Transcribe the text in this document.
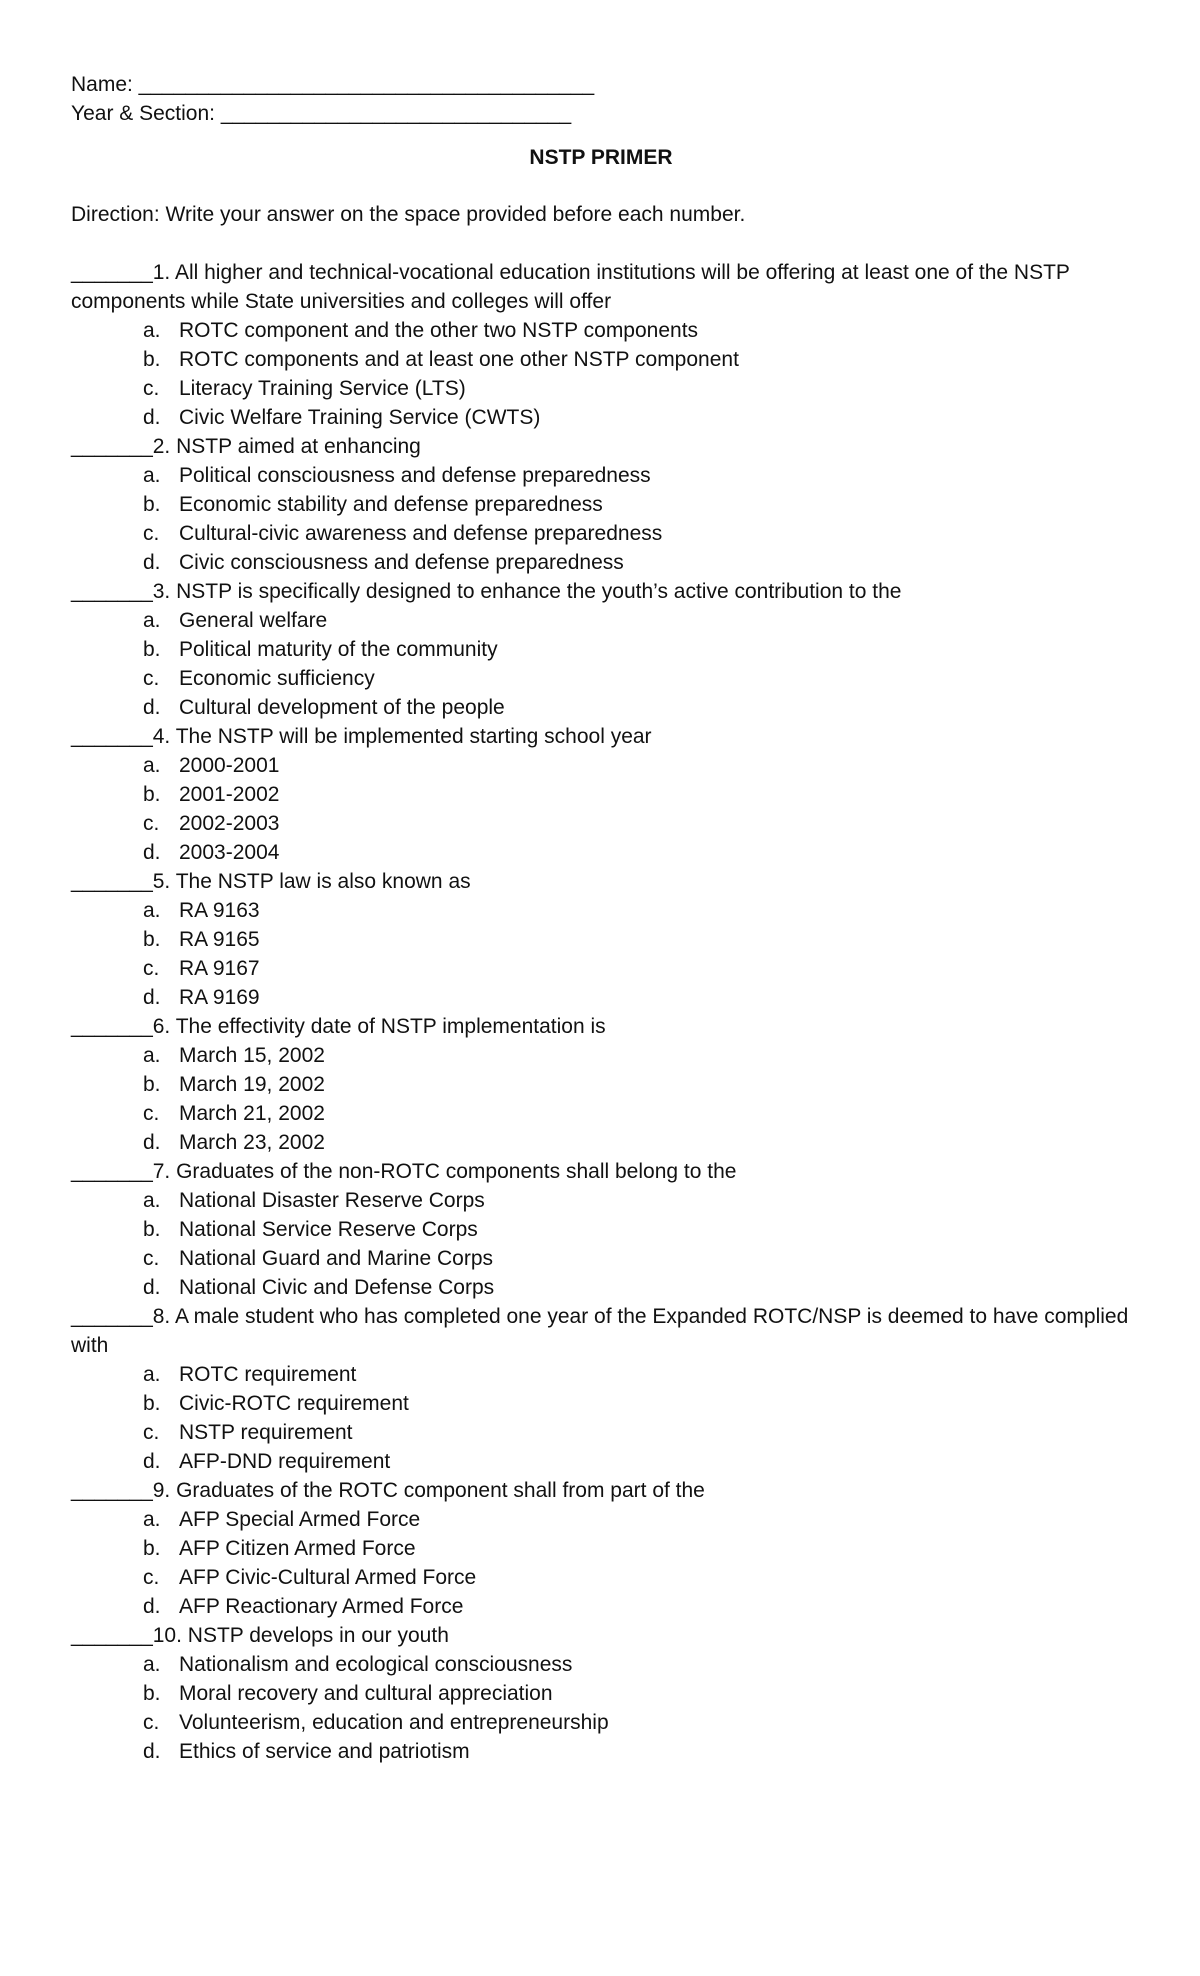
Name: _______________________________________
Year & Section: ______________________________
NSTP PRIMER
Direction: Write your answer on the space provided before each number.
_______1. All higher and technical-vocational education institutions will be offering at least one of the NSTP components while State universities and colleges will offer
a. ROTC component and the other two NSTP components
b. ROTC components and at least one other NSTP component
c. Literacy Training Service (LTS)
d. Civic Welfare Training Service (CWTS)
_______2. NSTP aimed at enhancing
a. Political consciousness and defense preparedness
b. Economic stability and defense preparedness
c. Cultural-civic awareness and defense preparedness
d. Civic consciousness and defense preparedness
_______3. NSTP is specifically designed to enhance the youth’s active contribution to the
a. General welfare
b. Political maturity of the community
c. Economic sufficiency
d. Cultural development of the people
_______4. The NSTP will be implemented starting school year
a. 2000-2001
b. 2001-2002
c. 2002-2003
d. 2003-2004
_______5. The NSTP law is also known as
a. RA 9163
b. RA 9165
c. RA 9167
d. RA 9169
_______6. The effectivity date of NSTP implementation is
a. March 15, 2002
b. March 19, 2002
c. March 21, 2002
d. March 23, 2002
_______7. Graduates of the non-ROTC components shall belong to the
a. National Disaster Reserve Corps
b. National Service Reserve Corps
c. National Guard and Marine Corps
d. National Civic and Defense Corps
_______8. A male student who has completed one year of the Expanded ROTC/NSP is deemed to have complied with
a. ROTC requirement
b. Civic-ROTC requirement
c. NSTP requirement
d. AFP-DND requirement
_______9. Graduates of the ROTC component shall from part of the
a. AFP Special Armed Force
b. AFP Citizen Armed Force
c. AFP Civic-Cultural Armed Force
d. AFP Reactionary Armed Force
_______10. NSTP develops in our youth
a. Nationalism and ecological consciousness
b. Moral recovery and cultural appreciation
c. Volunteerism, education and entrepreneurship
d. Ethics of service and patriotism
